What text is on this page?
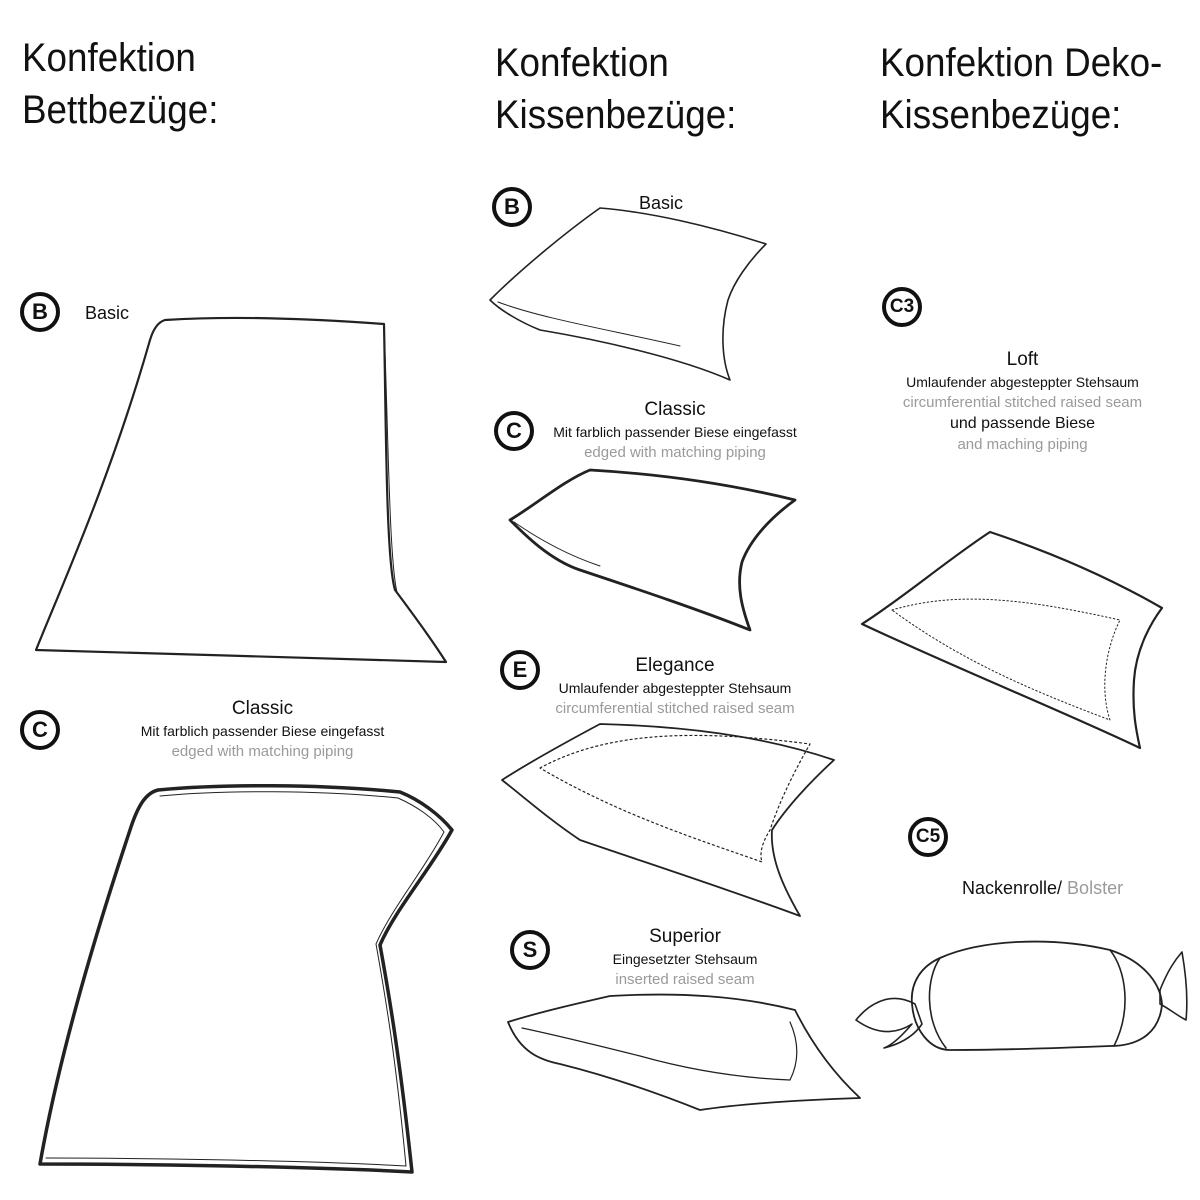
Konfektion
Bettbezüge:
Konfektion
Kissenbezüge:
Konfektion Deko-
Kissenbezüge:
B	Basic
C
Classic
Mit farblich passender Biese eingefasst
edged with matching piping
B	Basic
C
Classic
Mit farblich passender Biese eingefasst
edged with matching piping
E	Elegance
Umlaufender abgesteppter Stehsaum
circumferential stitched raised seam
S
Superior
Eingesetzter Stehsaum
inserted raised seam
C3
Loft
Umlaufender abgesteppter Stehsaum
circumferential stitched raised seam
und passende Biese
and maching piping
C5
Nackenrolle/ Bolster
